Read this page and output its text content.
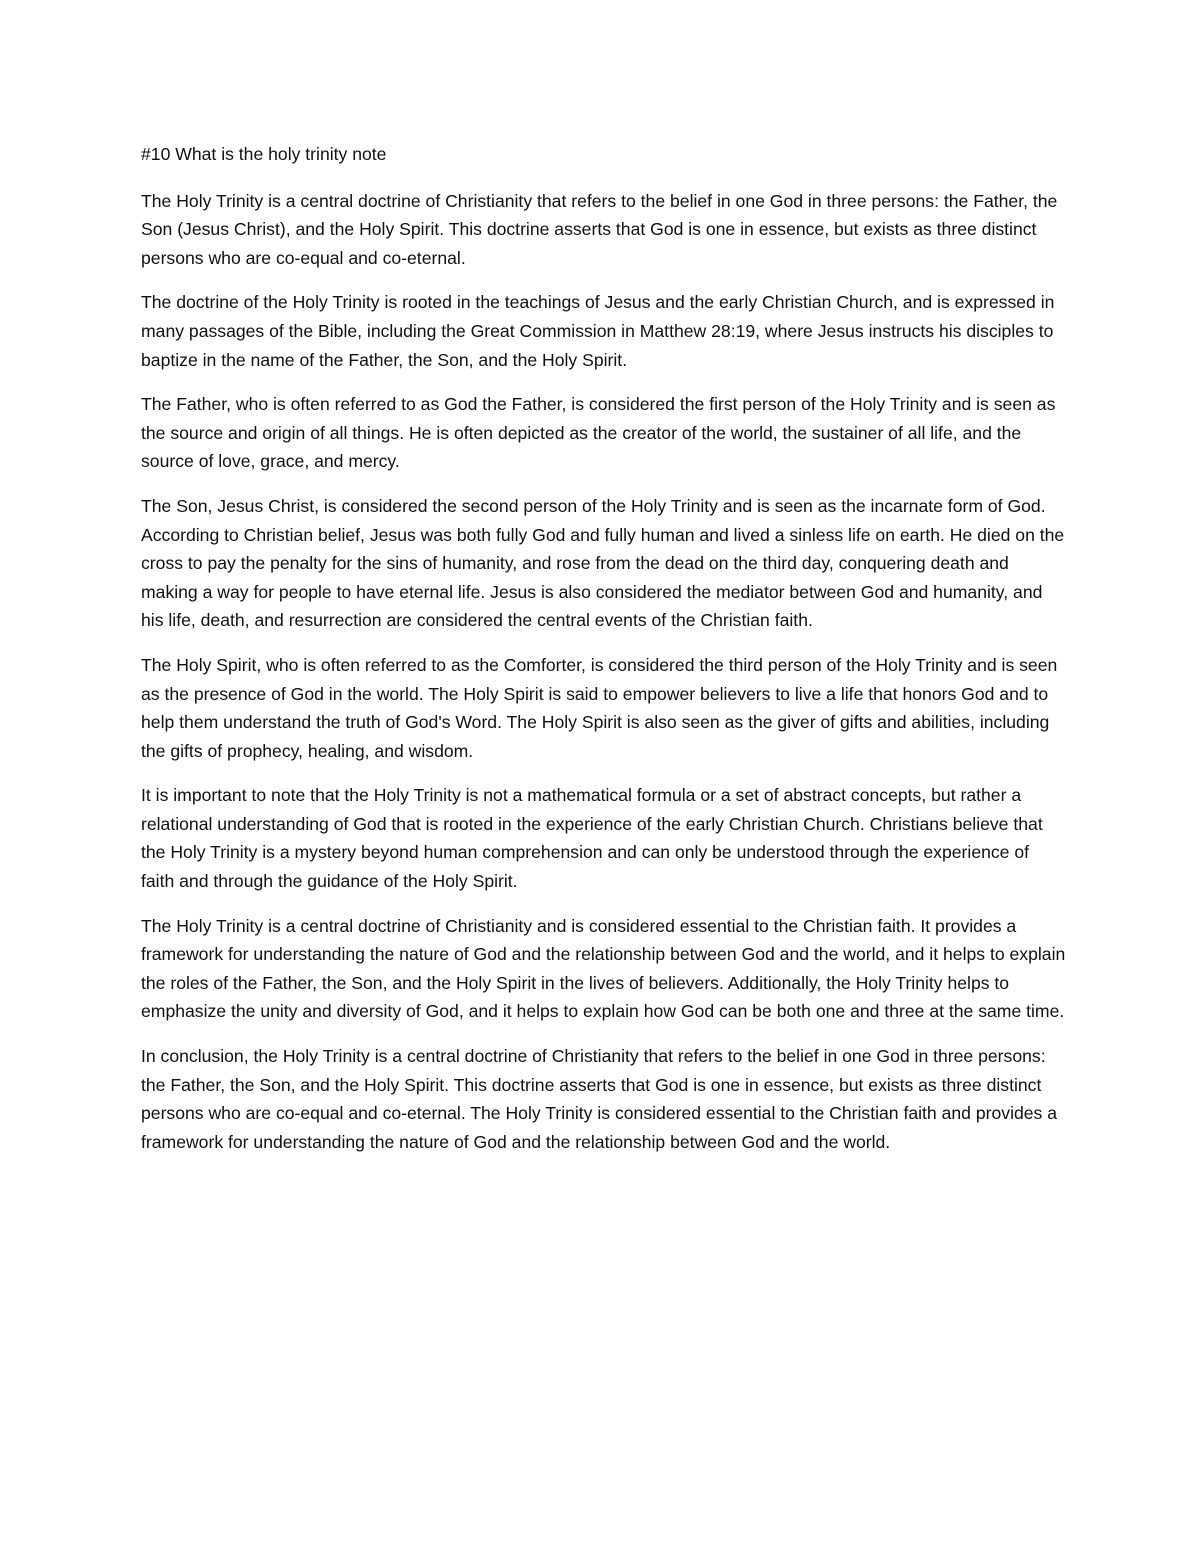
#10 What is the holy trinity note

The Holy Trinity is a central doctrine of Christianity that refers to the belief in one God in three persons: the Father, the Son (Jesus Christ), and the Holy Spirit. This doctrine asserts that God is one in essence, but exists as three distinct persons who are co-equal and co-eternal.

The doctrine of the Holy Trinity is rooted in the teachings of Jesus and the early Christian Church, and is expressed in many passages of the Bible, including the Great Commission in Matthew 28:19, where Jesus instructs his disciples to baptize in the name of the Father, the Son, and the Holy Spirit.

The Father, who is often referred to as God the Father, is considered the first person of the Holy Trinity and is seen as the source and origin of all things. He is often depicted as the creator of the world, the sustainer of all life, and the source of love, grace, and mercy.

The Son, Jesus Christ, is considered the second person of the Holy Trinity and is seen as the incarnate form of God. According to Christian belief, Jesus was both fully God and fully human and lived a sinless life on earth. He died on the cross to pay the penalty for the sins of humanity, and rose from the dead on the third day, conquering death and making a way for people to have eternal life. Jesus is also considered the mediator between God and humanity, and his life, death, and resurrection are considered the central events of the Christian faith.

The Holy Spirit, who is often referred to as the Comforter, is considered the third person of the Holy Trinity and is seen as the presence of God in the world. The Holy Spirit is said to empower believers to live a life that honors God and to help them understand the truth of God's Word. The Holy Spirit is also seen as the giver of gifts and abilities, including the gifts of prophecy, healing, and wisdom.

It is important to note that the Holy Trinity is not a mathematical formula or a set of abstract concepts, but rather a relational understanding of God that is rooted in the experience of the early Christian Church. Christians believe that the Holy Trinity is a mystery beyond human comprehension and can only be understood through the experience of faith and through the guidance of the Holy Spirit.

The Holy Trinity is a central doctrine of Christianity and is considered essential to the Christian faith. It provides a framework for understanding the nature of God and the relationship between God and the world, and it helps to explain the roles of the Father, the Son, and the Holy Spirit in the lives of believers. Additionally, the Holy Trinity helps to emphasize the unity and diversity of God, and it helps to explain how God can be both one and three at the same time.

In conclusion, the Holy Trinity is a central doctrine of Christianity that refers to the belief in one God in three persons: the Father, the Son, and the Holy Spirit. This doctrine asserts that God is one in essence, but exists as three distinct persons who are co-equal and co-eternal. The Holy Trinity is considered essential to the Christian faith and provides a framework for understanding the nature of God and the relationship between God and the world.
